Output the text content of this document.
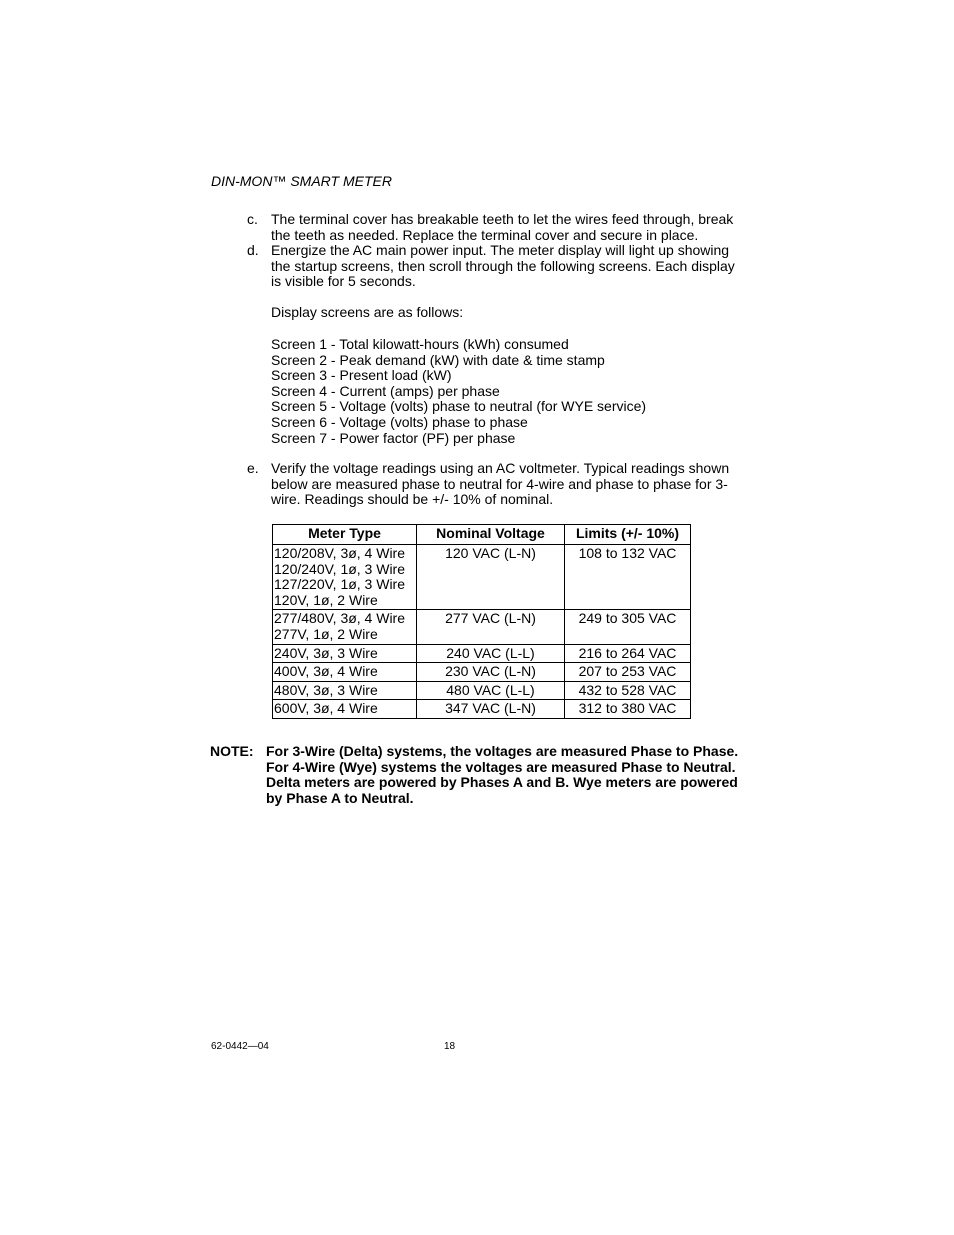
DIN-MON™ SMART METER
c. The terminal cover has breakable teeth to let the wires feed through, break the teeth as needed. Replace the terminal cover and secure in place.
d. Energize the AC main power input. The meter display will light up showing the startup screens, then scroll through the following screens. Each display is visible for 5 seconds.
Display screens are as follows:
Screen 1 - Total kilowatt-hours (kWh) consumed
Screen 2 - Peak demand (kW) with date & time stamp
Screen 3 - Present load (kW)
Screen 4 - Current (amps) per phase
Screen 5 - Voltage (volts) phase to neutral (for WYE service)
Screen 6 - Voltage (volts) phase to phase
Screen 7 - Power factor (PF) per phase
e. Verify the voltage readings using an AC voltmeter. Typical readings shown below are measured phase to neutral for 4-wire and phase to phase for 3-wire. Readings should be +/- 10% of nominal.
Meter Type	Nominal Voltage	Limits (+/- 10%)

120/208V, 3ø, 4 Wire
120/240V, 1ø, 3 Wire
127/220V, 1ø, 3 Wire
120V, 1ø, 2 Wire	120 VAC (L-N)	108 to 132 VAC

277/480V, 3ø, 4 Wire
277V, 1ø, 2 Wire	277 VAC (L-N)	249 to 305 VAC
240V, 3ø, 3 Wire	240 VAC (L-L)	216 to 264 VAC
400V, 3ø, 4 Wire	230 VAC (L-N)	207 to 253 VAC
480V, 3ø, 3 Wire	480 VAC (L-L)	432 to 528 VAC
600V, 3ø, 4 Wire	347 VAC (L-N)	312 to 380 VAC
NOTE: For 3-Wire (Delta) systems, the voltages are measured Phase to Phase. For 4-Wire (Wye) systems the voltages are measured Phase to Neutral. Delta meters are powered by Phases A and B. Wye meters are powered by Phase A to Neutral.
62-0442—04	18
